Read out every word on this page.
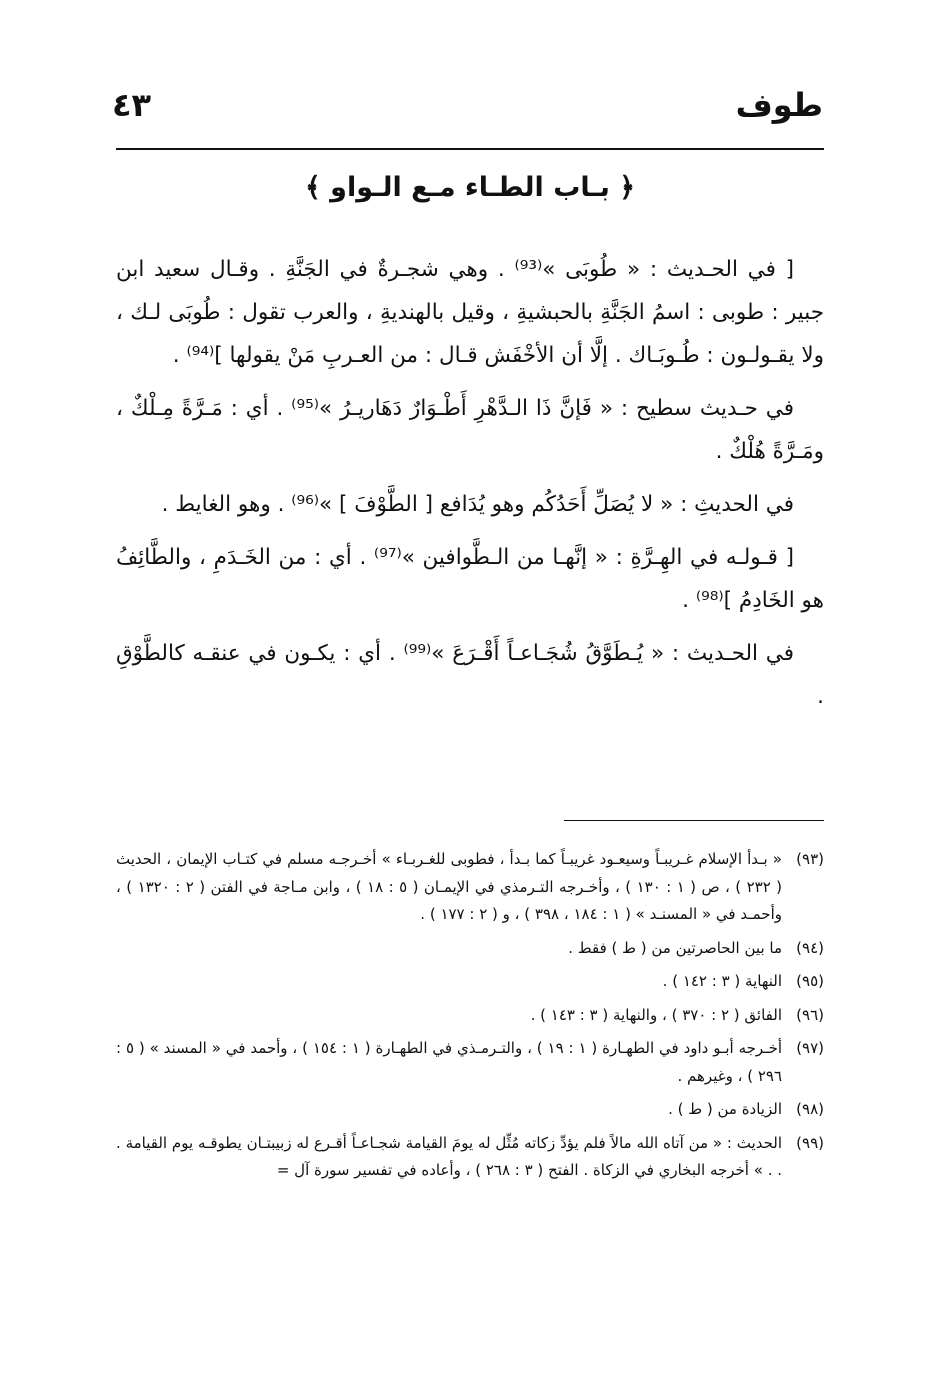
طوف
٤٣
﴿ بـاب الطـاء مـع الـواو ﴾

[ في الحـديث : « طُوبَى »⁽⁹³⁾ . وهي شجـرةٌ في الجَنَّةِ . وقـال سعيد ابن جبير : طوبى : اسمُ الجَنَّةِ بالحبشيةِ ، وقيل بالهنديةِ ، والعرب تقول : طُوبَى لـك ، ولا يقـولـون : طُـوبَـاك . إلَّا أن الأخْفَش قـال : من العـربِ مَنْ يقولها ]⁽⁹⁴⁾ .

في حـديث سطيح : « فَإنَّ ذَا الـدَّهْرِ أَطْـوَارٌ دَهَاريـرُ »⁽⁹⁵⁾ . أي : مَـرَّةً مِـلْكٌ ، ومَـرَّةً هُلْكٌ .

في الحديثِ : « لا يُصَلِّ أَحَدُكُم وهو يُدَافع [ الطَّوْفَ ] »⁽⁹⁶⁾ . وهو الغايط .

[ قـولـه في الهِـرَّةِ : « إنَّهـا من الـطَّوافين »⁽⁹⁷⁾ . أي : من الخَـدَمِ ، والطَّائِفُ هو الخَادِمُ ]⁽⁹⁸⁾ .

في الحـديث : « يُـطَوَّقُ شُجَـاعـاً أَقْـرَعَ »⁽⁹⁹⁾ . أي : يكـون في عنقـه كالطَّوْقِ .

(٩٣)« بـدأ الإسلام غـريبـاً وسيعـود غريبـاً كما بـدأ ، فطوبى للغـربـاء » أخـرجـه مسلم في كتـاب الإيمان ، الحديث ( ٢٣٢ ) ، ص ( ١ : ١٣٠ ) ، وأخـرجه التـرمذي في الإيمـان ( ٥ : ١٨ ) ، وابن مـاجة في الفتن ( ٢ : ١٣٢٠ ) ، وأحمـد في « المسنـد » ( ١ : ١٨٤ ، ٣٩٨ ) ، و ( ٢ : ١٧٧ ) .

(٩٤)ما بين الحاصرتين من ( ط ) فقط .

(٩٥)النهاية ( ٣ : ١٤٢ ) .

(٩٦)الفائق ( ٢ : ٣٧٠ ) ، والنهاية ( ٣ : ١٤٣ ) .

(٩٧)أخـرجه أبـو داود في الطهـارة ( ١ : ١٩ ) ، والتـرمـذي في الطهـارة ( ١ : ١٥٤ ) ، وأحمد في « المسند » ( ٥ : ٢٩٦ ) ، وغيرهم .

(٩٨)الزيادة من ( ط ) .

(٩٩)الحديث : « من آتاه الله مالاً فلم يؤدِّ زكاته مُثِّل له يومَ القيامة شجـاعـاً أقـرع له زبيبتـان يطوقـه يوم القيامة . . . » أخرجه البخاري في الزكاة . الفتح ( ٣ : ٢٦٨ ) ، وأعاده في تفسير سورة آل =
